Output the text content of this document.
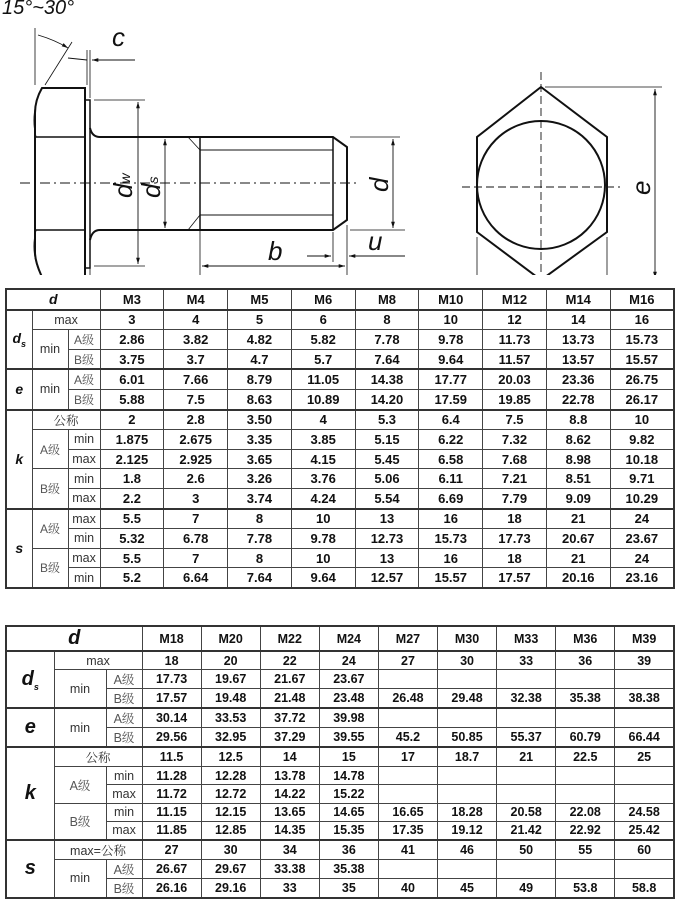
15°~30°
c
dw
ds	d
b	u
e
d			M3	M4	M5	M6	M8	M10	M12	M14	M16
$d_s$	max		3	4	5	6	8	10	12	14	16
	min	A级	2.86	3.82	4.82	5.82	7.78	9.78	11.73	13.73	15.73
		B级	3.75	3.7	4.7	5.7	7.64	9.64	11.57	13.57	15.57
e	min	A级	6.01	7.66	8.79	11.05	14.38	17.77	20.03	23.36	26.75
		B级	5.88	7.5	8.63	10.89	14.20	17.59	19.85	22.78	26.17
k	公称		2	2.8	3.50	4	5.3	6.4	7.5	8.8	10
	A级	min	1.875	2.675	3.35	3.85	5.15	6.22	7.32	8.62	9.82
		max	2.125	2.925	3.65	4.15	5.45	6.58	7.68	8.98	10.18
	B级	min	1.8	2.6	3.26	3.76	5.06	6.11	7.21	8.51	9.71
		max	2.2	3	3.74	4.24	5.54	6.69	7.79	9.09	10.29
s	A级	max	5.5	7	8	10	13	16	18	21	24
		min	5.32	6.78	7.78	9.78	12.73	15.73	17.73	20.67	23.67
	B级	max	5.5	7	8	10	13	16	18	21	24
		min	5.2	6.64	7.64	9.64	12.57	15.57	17.57	20.16	23.16
d			M18	M20	M22	M24	M27	M30	M33	M36	M39
$d_s$	max		18	20	22	24	27	30	33	36	39
	min	A级	17.73	19.67	21.67	23.67					
		B级	17.57	19.48	21.48	23.48	26.48	29.48	32.38	35.38	38.38
e	min	A级	30.14	33.53	37.72	39.98					
		B级	29.56	32.95	37.29	39.55	45.2	50.85	55.37	60.79	66.44
k	公称		11.5	12.5	14	15	17	18.7	21	22.5	25
	A级	min	11.28	12.28	13.78	14.78					
		max	11.72	12.72	14.22	15.22					
	B级	min	11.15	12.15	13.65	14.65	16.65	18.28	20.58	22.08	24.58
		max	11.85	12.85	14.35	15.35	17.35	19.12	21.42	22.92	25.42
s	max=公称		27	30	34	36	41	46	50	55	60
	min	A级	26.67	29.67	33.38	35.38					
		B级	26.16	29.16	33	35	40	45	49	53.8	58.8
